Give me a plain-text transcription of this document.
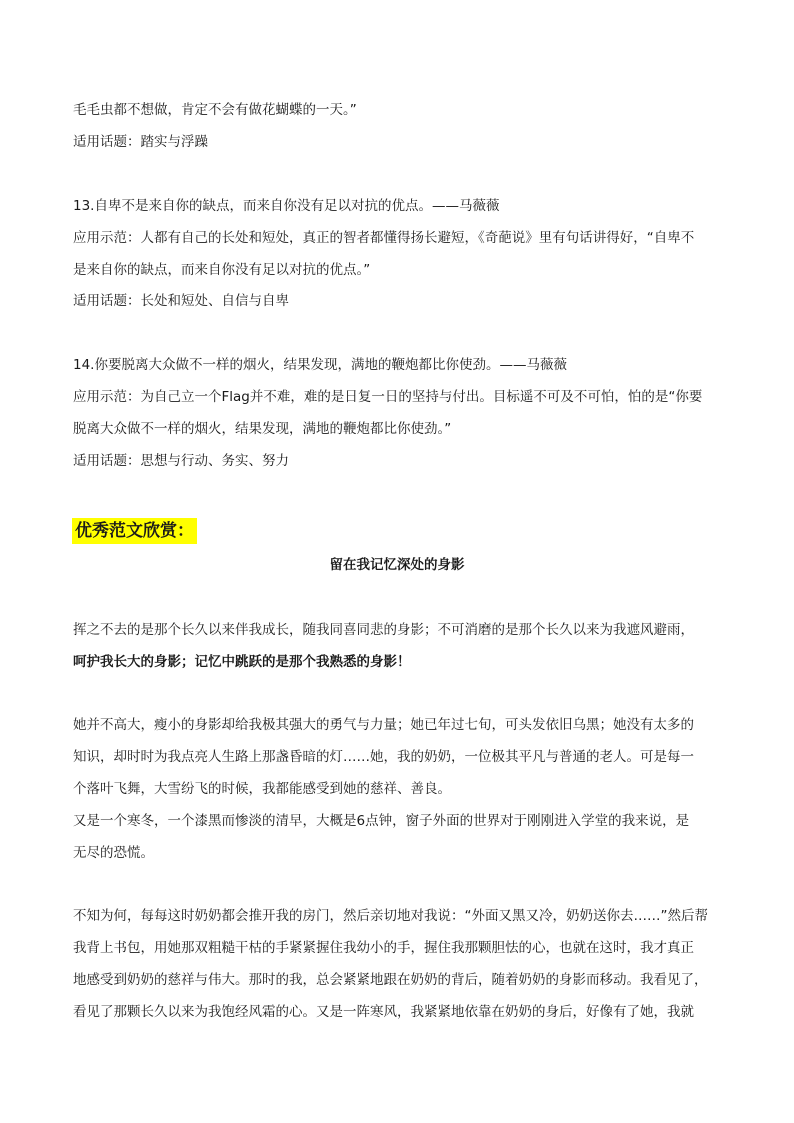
毛毛虫都不想做，肯定不会有做花蝴蝶的一天。”

适用话题：踏实与浮躁

13.自卑不是来自你的缺点，而来自你没有足以对抗的优点。——马薇薇

应用示范：人都有自己的长处和短处，真正的智者都懂得扬长避短，《奇葩说》里有句话讲得好，“自卑不

是来自你的缺点，而来自你没有足以对抗的优点。”

适用话题：长处和短处、自信与自卑

14.你要脱离大众做不一样的烟火，结果发现，满地的鞭炮都比你使劲。——马薇薇

应用示范：为自己立一个Flag并不难，难的是日复一日的坚持与付出。目标遥不可及不可怕，怕的是“你要

脱离大众做不一样的烟火，结果发现，满地的鞭炮都比你使劲。”

适用话题：思想与行动、务实、努力

优秀范文欣赏：

留在我记忆深处的身影

挥之不去的是那个长久以来伴我成长，随我同喜同悲的身影；不可消磨的是那个长久以来为我遮风避雨，

呵护我长大的身影；记忆中跳跃的是那个我熟悉的身影！

她并不高大，瘦小的身影却给我极其强大的勇气与力量；她已年过七旬，可头发依旧乌黑；她没有太多的

知识，却时时为我点亮人生路上那盏昏暗的灯……她，我的奶奶，一位极其平凡与普通的老人。可是每一

个落叶飞舞，大雪纷飞的时候，我都能感受到她的慈祥、善良。

又是一个寒冬，一个漆黑而惨淡的清早，大概是6点钟，窗子外面的世界对于刚刚进入学堂的我来说，是

无尽的恐慌。

不知为何，每每这时奶奶都会推开我的房门，然后亲切地对我说：“外面又黑又冷，奶奶送你去……”然后帮

我背上书包，用她那双粗糙干枯的手紧紧握住我幼小的手，握住我那颗胆怯的心，也就在这时，我才真正

地感受到奶奶的慈祥与伟大。那时的我，总会紧紧地跟在奶奶的背后，随着奶奶的身影而移动。我看见了，

看见了那颗长久以来为我饱经风霜的心。又是一阵寒风，我紧紧地依靠在奶奶的身后，好像有了她，我就
